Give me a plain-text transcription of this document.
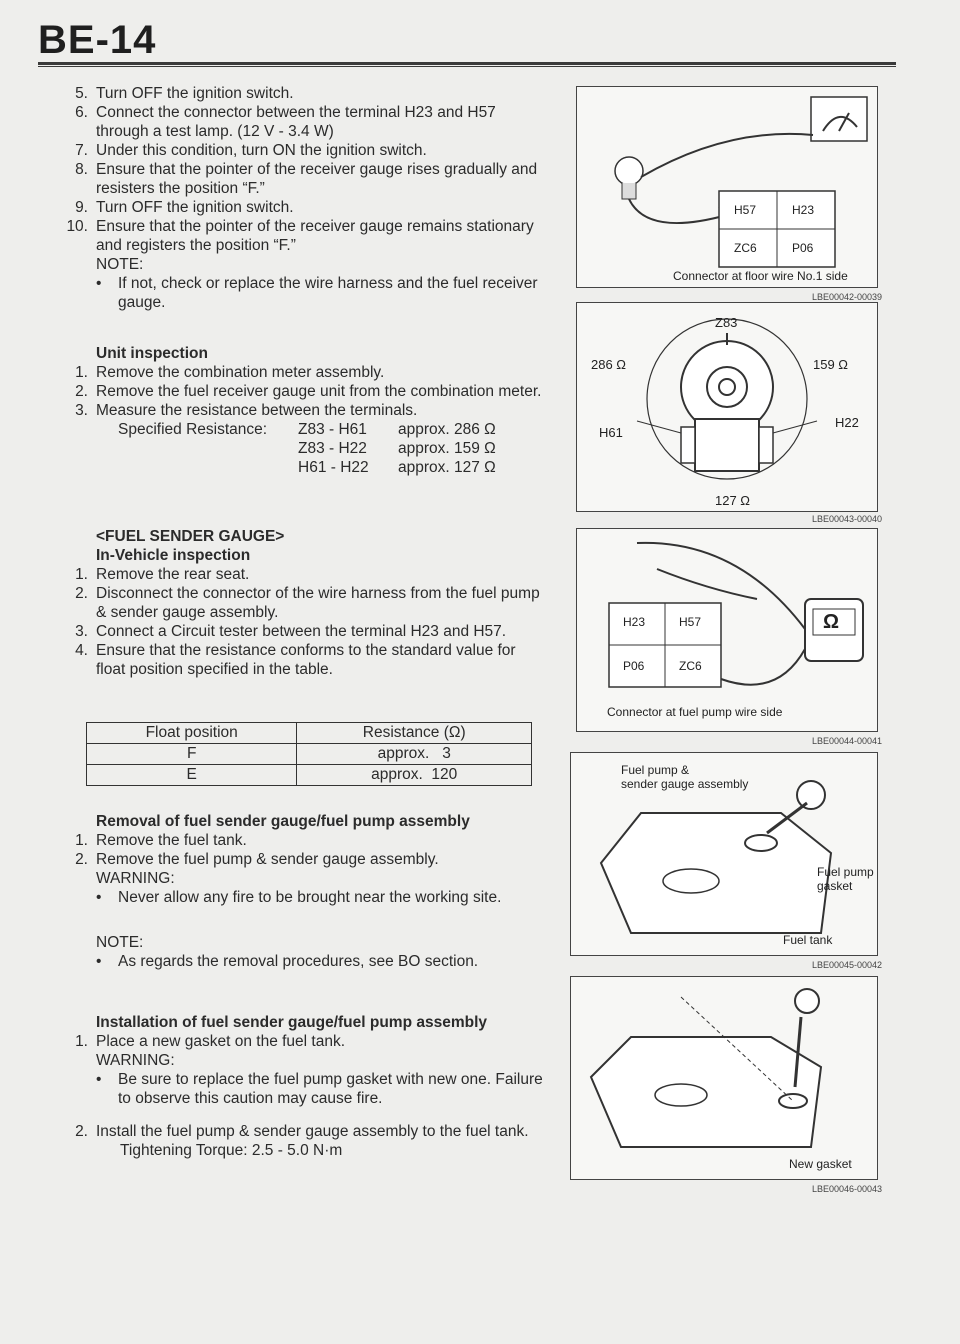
BE-14
5. Turn OFF the ignition switch.
6. Connect the connector between the terminal H23 and H57 through a test lamp. (12 V - 3.4 W)
7. Under this condition, turn ON the ignition switch.
8. Ensure that the pointer of the receiver gauge rises gradually and resisters the position “F.”
9. Turn OFF the ignition switch.
10. Ensure that the pointer of the receiver gauge remains stationary and registers the position “F.”
NOTE:
•	If not, check or replace the wire harness and the fuel receiver gauge.
Unit inspection
1. Remove the combination meter assembly.
2. Remove the fuel receiver gauge unit from the combination meter.
3. Measure the resistance between the terminals.
Specified Resistance:	Z83 - H61	approx. 286 Ω
Z83 - H22	approx. 159 Ω
H61 - H22	approx. 127 Ω
<FUEL SENDER GAUGE>
In-Vehicle inspection
1. Remove the rear seat.
2. Disconnect the connector of the wire harness from the fuel pump & sender gauge assembly.
3. Connect a Circuit tester between the terminal H23 and H57.
4. Ensure that the resistance conforms to the standard value for float position specified in the table.
Float position	Resistance (Ω)
F	approx.   3
E	approx.  120
Removal of fuel sender gauge/fuel pump assembly
1. Remove the fuel tank.
2. Remove the fuel pump & sender gauge assembly.
WARNING:
•	Never allow any fire to be brought near the working site.
NOTE:
•	As regards the removal procedures, see BO section.
Installation of fuel sender gauge/fuel pump assembly
1. Place a new gasket on the fuel tank.
WARNING:
•	Be sure to replace the fuel pump gasket with new one. Failure to observe this caution may cause fire.
2. Install the fuel pump & sender gauge assembly to the fuel tank.
Tightening Torque: 2.5 - 5.0 N·m
H57	H23
ZC6	P06
Connector at floor wire No.1 side
LBE00042-00039
Z83
286 Ω	159 Ω
H61
H22
127 Ω
LBE00043-00040
H23	H57
P06	ZC6
Ω
Connector at fuel pump wire side
LBE00044-00041
Fuel pump &
sender gauge assembly
Fuel pump
gasket
Fuel tank
LBE00045-00042
New gasket
LBE00046-00043
